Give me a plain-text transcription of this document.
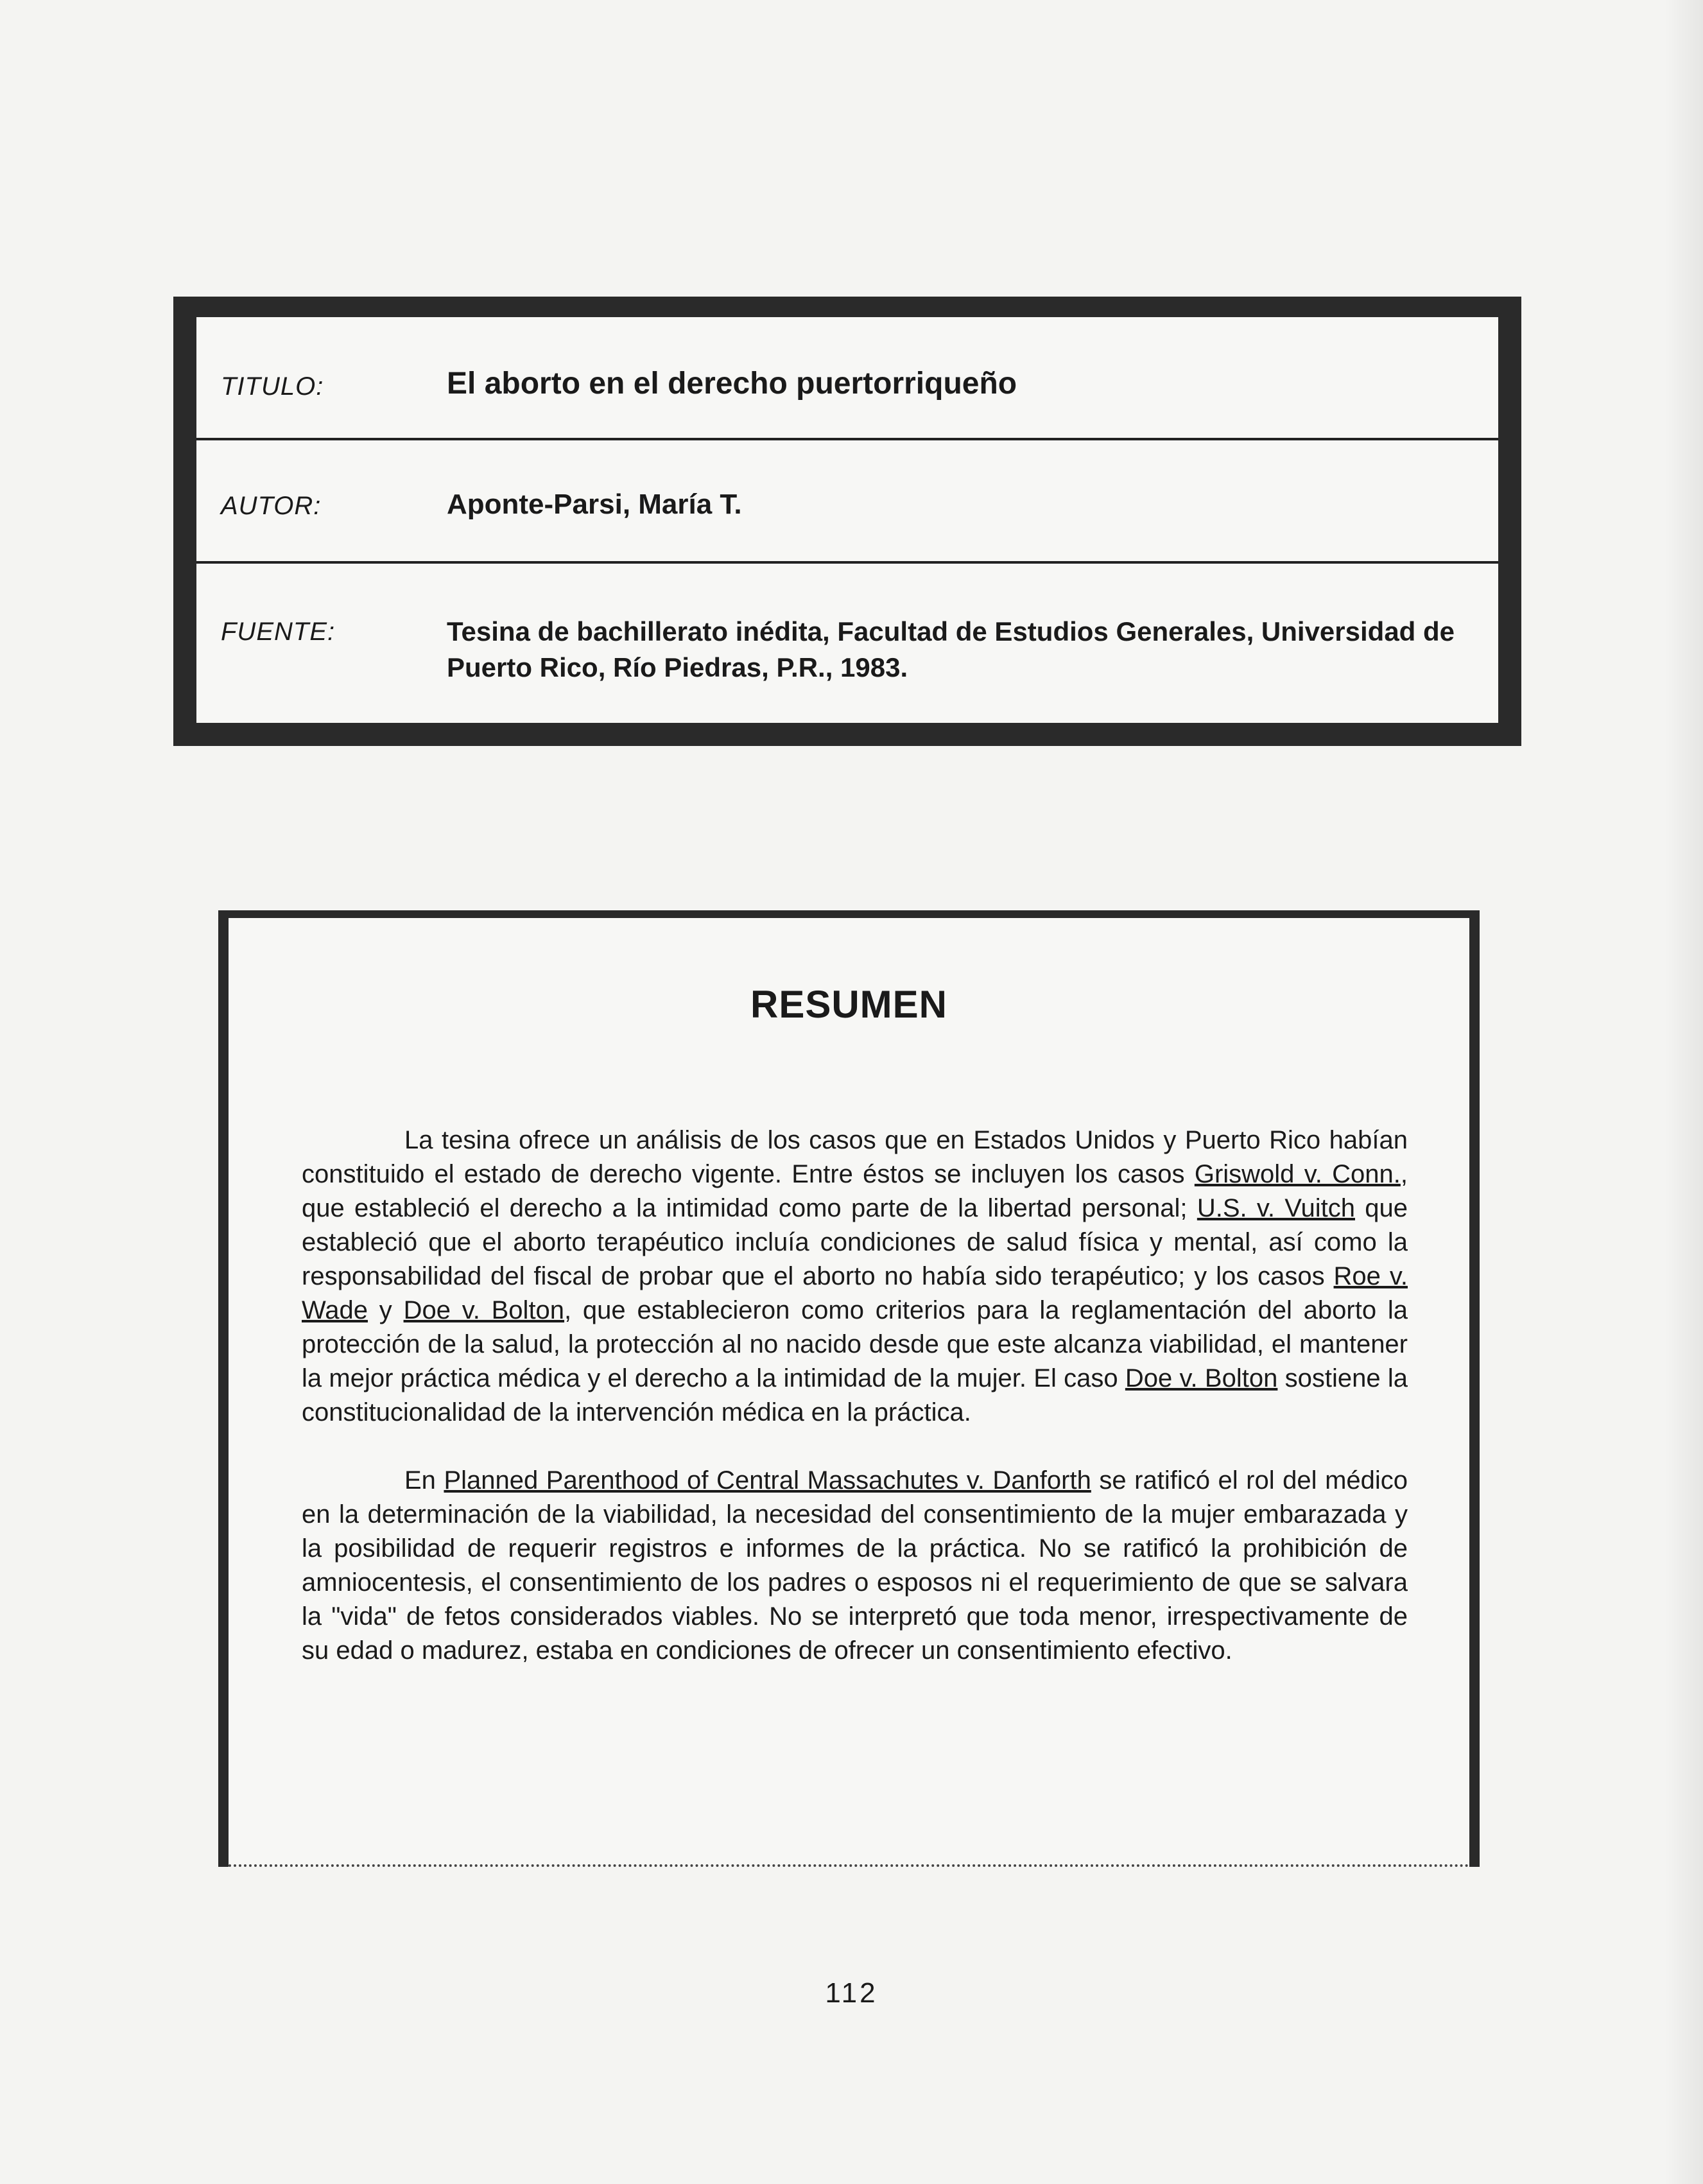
TITULO:	El aborto en el derecho puertorriqueño
AUTOR:	Aponte-Parsi, María T.
FUENTE:	Tesina de bachillerato inédita, Facultad de Estudios Generales, Universidad de Puerto Rico, Río Piedras, P.R., 1983.
RESUMEN

La tesina ofrece un análisis de los casos que en Estados Unidos y Puerto Rico habían constituido el estado de derecho vigente. Entre éstos se incluyen los casos Griswold v. Conn., que estableció el derecho a la intimidad como parte de la libertad personal; U.S. v. Vuitch que estableció que el aborto terapéutico incluía condiciones de salud física y mental, así como la responsabilidad del fiscal de probar que el aborto no había sido terapéutico; y los casos Roe v. Wade y Doe v. Bolton, que establecieron como criterios para la reglamentación del aborto la protección de la salud, la protección al no nacido desde que este alcanza viabilidad, el mantener la mejor práctica médica y el derecho a la intimidad de la mujer. El caso Doe v. Bolton sostiene la constitucionalidad de la intervención médica en la práctica.

En Planned Parenthood of Central Massachutes v. Danforth se ratificó el rol del médico en la determinación de la viabilidad, la necesidad del consentimiento de la mujer embarazada y la posibilidad de requerir registros e informes de la práctica. No se ratificó la prohibición de amniocentesis, el consentimiento de los padres o esposos ni el requerimiento de que se salvara la "vida" de fetos considerados viables. No se interpretó que toda menor, irrespectivamente de su edad o madurez, estaba en condiciones de ofrecer un consentimiento efectivo.

112
